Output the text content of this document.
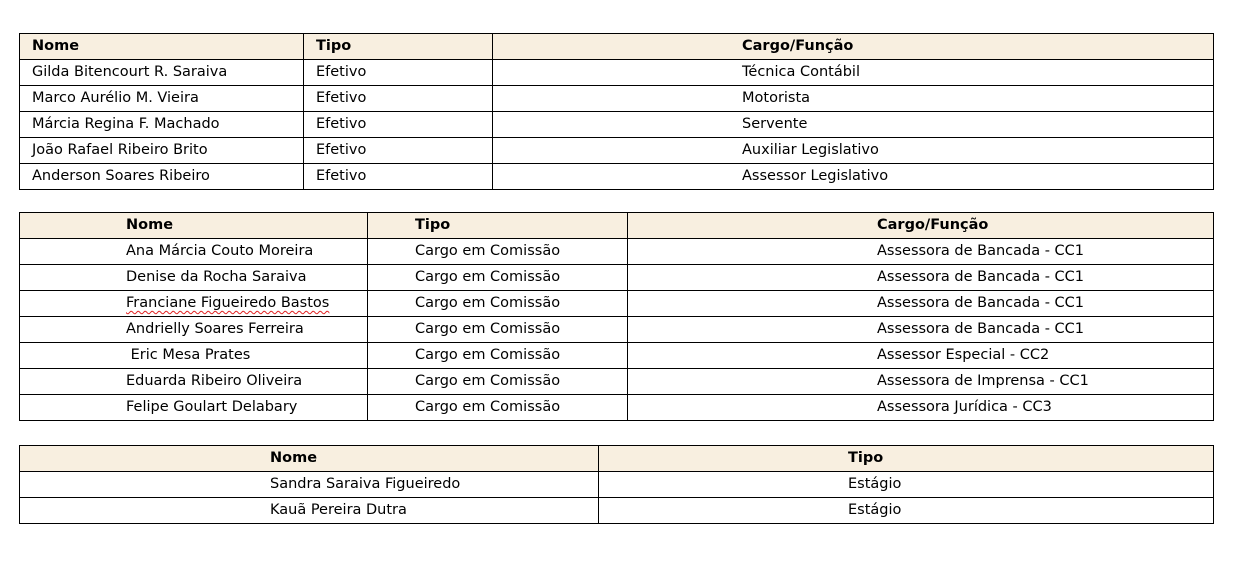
Nome	Tipo	Cargo/Função
Gilda Bitencourt R. Saraiva	Efetivo	Técnica Contábil
Marco Aurélio M. Vieira	Efetivo	Motorista
Márcia Regina F. Machado	Efetivo	Servente
João Rafael Ribeiro Brito	Efetivo	Auxiliar Legislativo
Anderson Soares Ribeiro	Efetivo	Assessor Legislativo
Nome	Tipo	Cargo/Função
Ana Márcia Couto Moreira	Cargo em Comissão	Assessora de Bancada - CC1
Denise da Rocha Saraiva	Cargo em Comissão	Assessora de Bancada - CC1
Franciane Figueiredo Bastos	Cargo em Comissão	Assessora de Bancada - CC1
Andrielly Soares Ferreira	Cargo em Comissão	Assessora de Bancada - CC1
Eric Mesa Prates	Cargo em Comissão	Assessor Especial - CC2
Eduarda Ribeiro Oliveira	Cargo em Comissão	Assessora de Imprensa - CC1
Felipe Goulart Delabary	Cargo em Comissão	Assessora Jurídica - CC3
Nome	Tipo
Sandra Saraiva Figueiredo	Estágio
Kauã Pereira Dutra	Estágio
